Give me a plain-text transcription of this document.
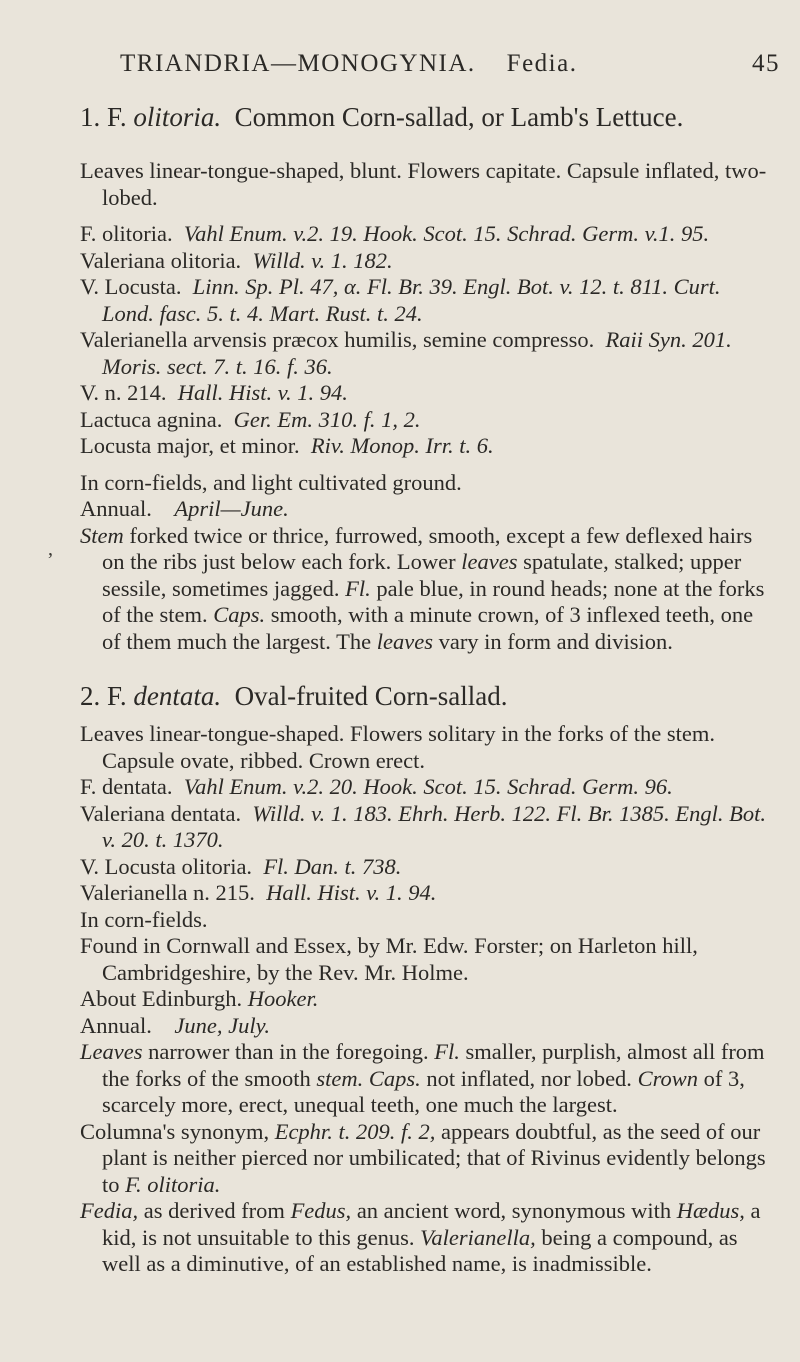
TRIANDRIA—MONOGYNIA. Fedia.	45
,

1. F. olitoria. Common Corn-sallad, or Lamb's Lettuce.

Leaves linear-tongue-shaped, blunt. Flowers capitate. Capsule inflated, two-lobed.

F. olitoria. Vahl Enum. v.2. 19. Hook. Scot. 15. Schrad. Germ. v.1. 95.

Valeriana olitoria. Willd. v. 1. 182.

V. Locusta. Linn. Sp. Pl. 47, α. Fl. Br. 39. Engl. Bot. v. 12. t. 811. Curt. Lond. fasc. 5. t. 4. Mart. Rust. t. 24.

Valerianella arvensis præcox humilis, semine compresso. Raii Syn. 201. Moris. sect. 7. t. 16. f. 36.

V. n. 214. Hall. Hist. v. 1. 94.

Lactuca agnina. Ger. Em. 310. f. 1, 2.

Locusta major, et minor. Riv. Monop. Irr. t. 6.

In corn-fields, and light cultivated ground.

Annual. April—June.

Stem forked twice or thrice, furrowed, smooth, except a few deflexed hairs on the ribs just below each fork. Lower leaves spatulate, stalked; upper sessile, sometimes jagged. Fl. pale blue, in round heads; none at the forks of the stem. Caps. smooth, with a minute crown, of 3 inflexed teeth, one of them much the largest. The leaves vary in form and division.

2. F. dentata. Oval-fruited Corn-sallad.

Leaves linear-tongue-shaped. Flowers solitary in the forks of the stem. Capsule ovate, ribbed. Crown erect.

F. dentata. Vahl Enum. v.2. 20. Hook. Scot. 15. Schrad. Germ. 96.

Valeriana dentata. Willd. v. 1. 183. Ehrh. Herb. 122. Fl. Br. 1385. Engl. Bot. v. 20. t. 1370.

V. Locusta olitoria. Fl. Dan. t. 738.

Valerianella n. 215. Hall. Hist. v. 1. 94.

In corn-fields.

Found in Cornwall and Essex, by Mr. Edw. Forster; on Harleton hill, Cambridgeshire, by the Rev. Mr. Holme.

About Edinburgh. Hooker.

Annual. June, July.

Leaves narrower than in the foregoing. Fl. smaller, purplish, almost all from the forks of the smooth stem. Caps. not inflated, nor lobed. Crown of 3, scarcely more, erect, unequal teeth, one much the largest.

Columna's synonym, Ecphr. t. 209. f. 2, appears doubtful, as the seed of our plant is neither pierced nor umbilicated; that of Rivinus evidently belongs to F. olitoria.

Fedia, as derived from Fedus, an ancient word, synonymous with Hædus, a kid, is not unsuitable to this genus. Valerianella, being a compound, as well as a diminutive, of an established name, is inadmissible.
